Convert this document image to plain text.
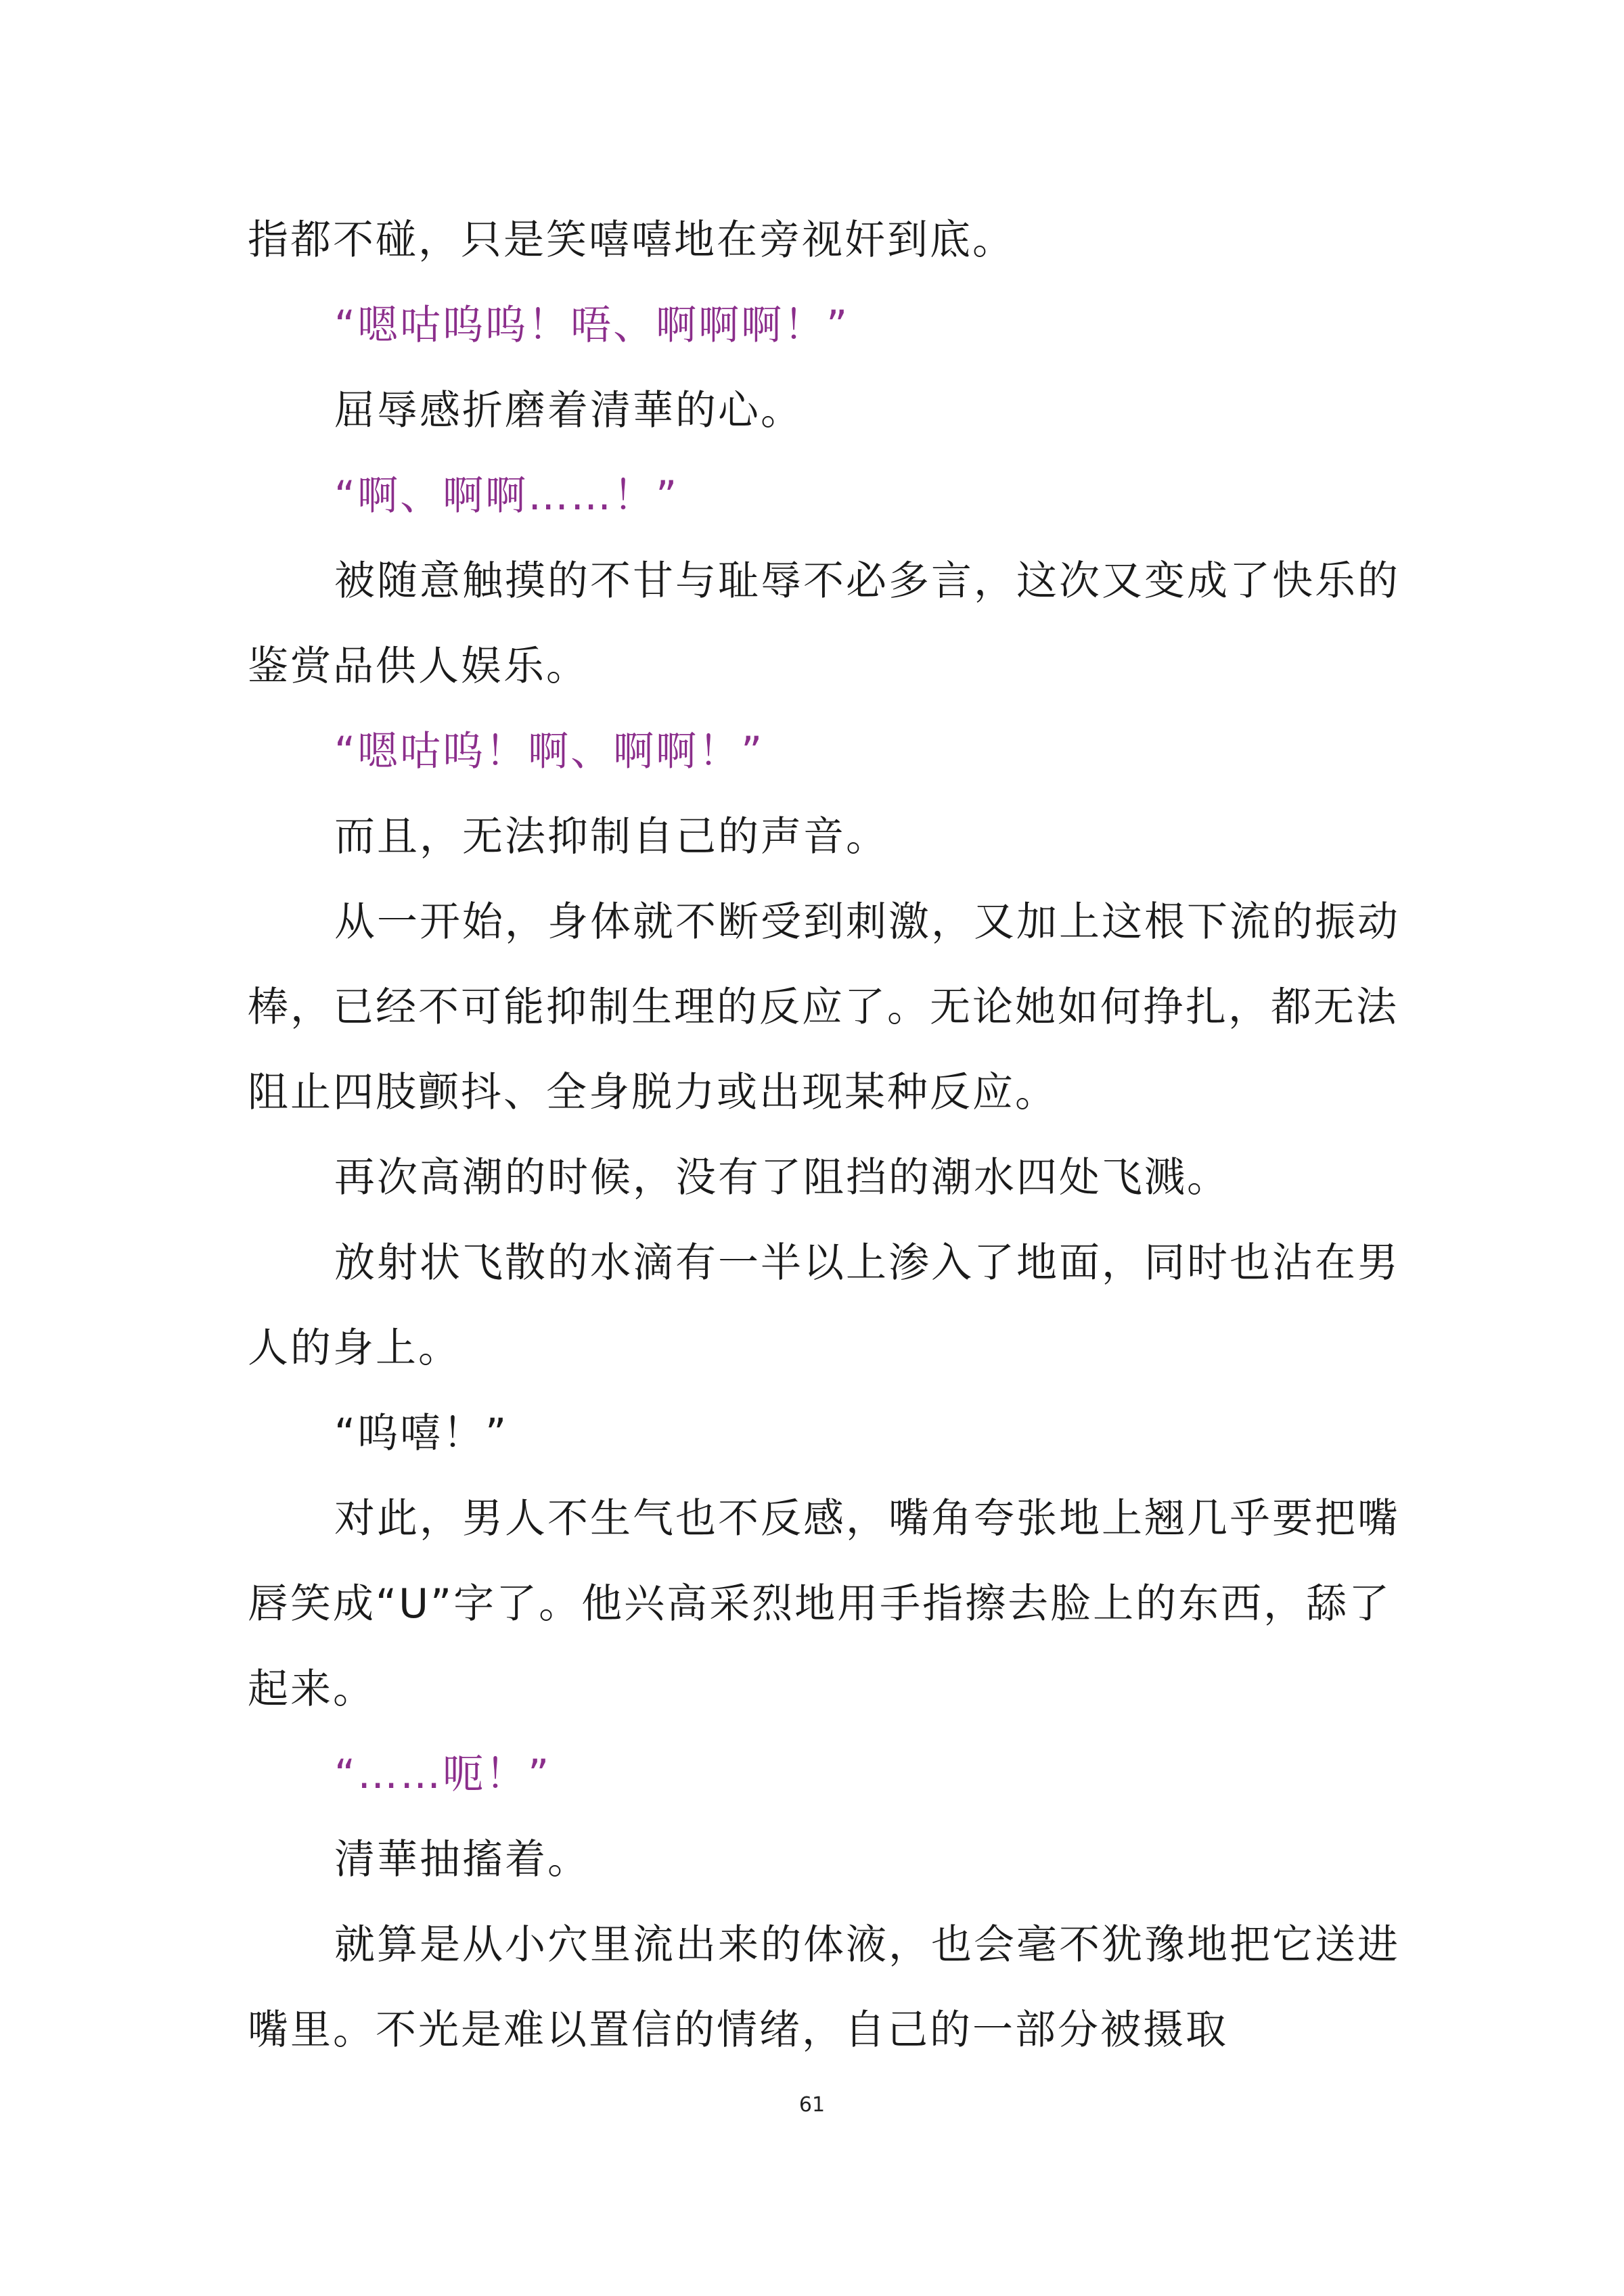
指都不碰，只是笑嘻嘻地在旁视奸到底。

“嗯咕呜呜！唔、啊啊啊！”

屈辱感折磨着清華的心。

“啊、啊啊……！”

被随意触摸的不甘与耻辱不必多言，这次又变成了快乐的鉴赏品供人娱乐。

“嗯咕呜！啊、啊啊！”

而且，无法抑制自己的声音。

从一开始，身体就不断受到刺激，又加上这根下流的振动棒，已经不可能抑制生理的反应了。无论她如何挣扎，都无法阻止四肢颤抖、全身脱力或出现某种反应。

再次高潮的时候，没有了阻挡的潮水四处飞溅。

放射状飞散的水滴有一半以上渗入了地面，同时也沾在男人的身上。

“呜嘻！”

对此，男人不生气也不反感，嘴角夸张地上翘几乎要把嘴唇笑成“U”字了。他兴高采烈地用手指擦去脸上的东西，舔了起来。

“……呃！”

清華抽搐着。

就算是从小穴里流出来的体液，也会毫不犹豫地把它送进嘴里。不光是难以置信的情绪，自己的一部分被摄取

61
